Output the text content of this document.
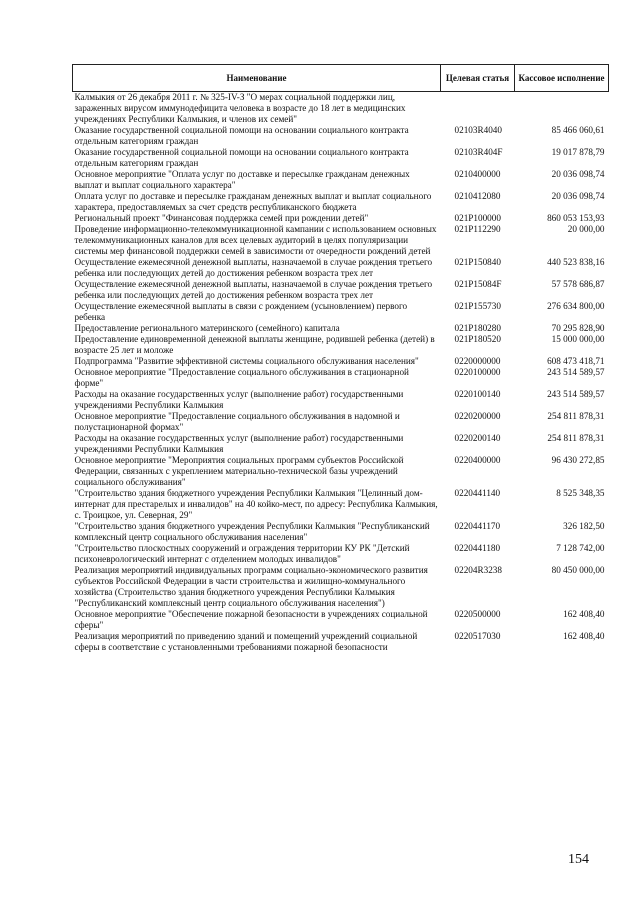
Наименование	Целевая статья	Кассовое исполнение
Калмыкия от 26 декабря 2011 г. № 325-IV-З "О мерах социальной поддержки лиц, зараженных вирусом иммунодефицита человека в возрасте до 18 лет в медицинских учреждениях Республики Калмыкия, и членов их семей"		
Оказание государственной социальной помощи на основании социального контракта отдельным категориям граждан	02103R4040	85 466 060,61
Оказание государственной социальной помощи на основании социального контракта отдельным категориям граждан	02103R404F	19 017 878,79
Основное мероприятие "Оплата услуг по доставке и пересылке гражданам денежных выплат и выплат социального характера"	0210400000	20 036 098,74
Оплата услуг по доставке и пересылке гражданам денежных выплат и выплат социального характера, предоставляемых за счет средств республиканского бюджета	0210412080	20 036 098,74
Региональный проект "Финансовая поддержка семей при рождении детей"	021P100000	860 053 153,93
Проведение информационно-телекоммуникационной кампании с использованием основных телекоммуникационных каналов для всех целевых аудиторий в целях популяризации системы мер финансовой поддержки семей в зависимости от очередности рождений детей	021P112290	20 000,00
Осуществление ежемесячной денежной выплаты, назначаемой в случае рождения третьего ребенка или последующих детей до достижения ребенком возраста трех лет	021P150840	440 523 838,16
Осуществление ежемесячной денежной выплаты, назначаемой в случае рождения третьего ребенка или последующих детей до достижения ребенком возраста трех лет	021P15084F	57 578 686,87
Осуществление ежемесячной выплаты в связи с рождением (усыновлением) первого ребенка	021P155730	276 634 800,00
Предоставление регионального материнского (семейного) капитала	021P180280	70 295 828,90
Предоставление единовременной денежной выплаты женщине, родившей ребенка (детей) в возрасте 25 лет и моложе	021P180520	15 000 000,00
Подпрограмма "Развитие эффективной системы социального обслуживания населения"	0220000000	608 473 418,71
Основное мероприятие "Предоставление социального обслуживания в стационарной форме"	0220100000	243 514 589,57
Расходы на оказание государственных услуг (выполнение работ) государственными учреждениями Республики Калмыкия	0220100140	243 514 589,57
Основное мероприятие "Предоставление социального обслуживания в надомной и полустационарной формах"	0220200000	254 811 878,31
Расходы на оказание государственных услуг (выполнение работ) государственными учреждениями Республики Калмыкия	0220200140	254 811 878,31
Основное мероприятие "Мероприятия социальных программ субъектов Российской Федерации, связанных с укреплением материально-технической базы учреждений социального обслуживания"	0220400000	96 430 272,85
"Строительство здания бюджетного учреждения Республики Калмыкия "Целинный дом-интернат для престарелых и инвалидов" на 40 койко-мест, по адресу: Республика Калмыкия, с. Троицкое, ул. Северная, 29"	0220441140	8 525 348,35
"Строительство здания бюджетного учреждения Республики Калмыкия "Республиканский комплексный центр социального обслуживания населения"	0220441170	326 182,50
"Строительство плоскостных сооружений и ограждения территории КУ РК "Детский психоневрологический интернат с отделением молодых инвалидов"	0220441180	7 128 742,00
Реализация мероприятий индивидуальных программ социально-экономического развития субъектов Российской Федерации в части строительства и жилищно-коммунального хозяйства (Строительство здания бюджетного учреждения Республики Калмыкия "Республиканский комплексный центр социального обслуживания населения")	02204R3238	80 450 000,00
Основное мероприятие "Обеспечение пожарной безопасности в учреждениях социальной сферы"	0220500000	162 408,40
Реализация мероприятий по приведению зданий и помещений учреждений социальной сферы в соответствие с установленными требованиями пожарной безопасности	0220517030	162 408,40
154
